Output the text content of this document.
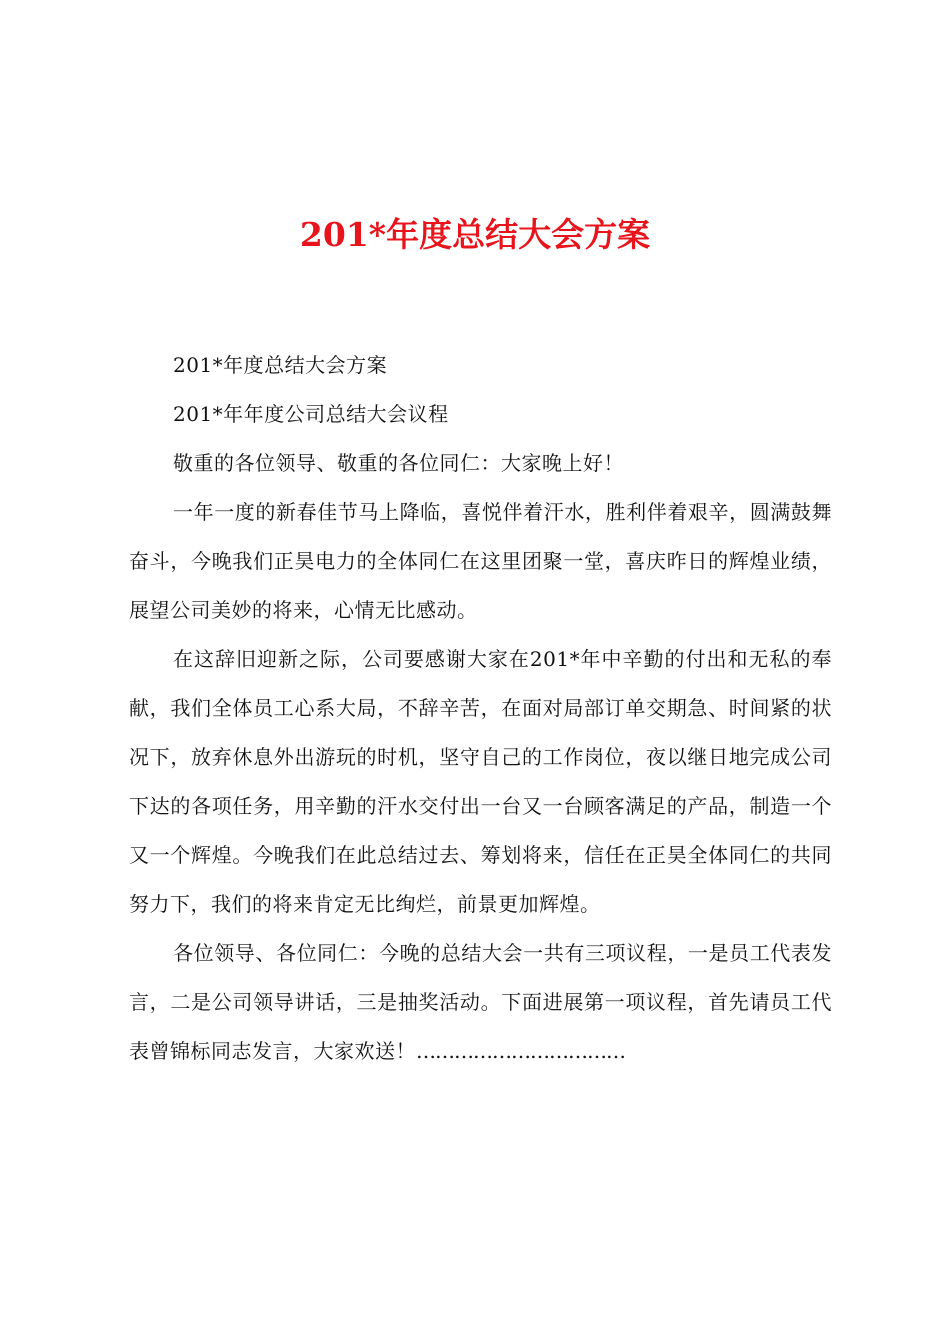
201*年度总结大会方案

201*年度总结大会方案

201*年年度公司总结大会议程

敬重的各位领导、敬重的各位同仁：大家晚上好！

一年一度的新春佳节马上降临，喜悦伴着汗水，胜利伴着艰辛，圆满鼓舞奋斗，今晚我们正昊电力的全体同仁在这里团聚一堂，喜庆昨日的辉煌业绩，展望公司美妙的将来，心情无比感动。

在这辞旧迎新之际，公司要感谢大家在201*年中辛勤的付出和无私的奉献，我们全体员工心系大局，不辞辛苦，在面对局部订单交期急、时间紧的状况下，放弃休息外出游玩的时机，坚守自己的工作岗位，夜以继日地完成公司下达的各项任务，用辛勤的汗水交付出一台又一台顾客满足的产品，制造一个又一个辉煌。今晚我们在此总结过去、筹划将来，信任在正昊全体同仁的共同努力下，我们的将来肯定无比绚烂，前景更加辉煌。

各位领导、各位同仁：今晚的总结大会一共有三项议程，一是员工代表发言，二是公司领导讲话，三是抽奖活动。下面进展第一项议程，首先请员工代表曾锦标同志发言，大家欢送！……………………………
